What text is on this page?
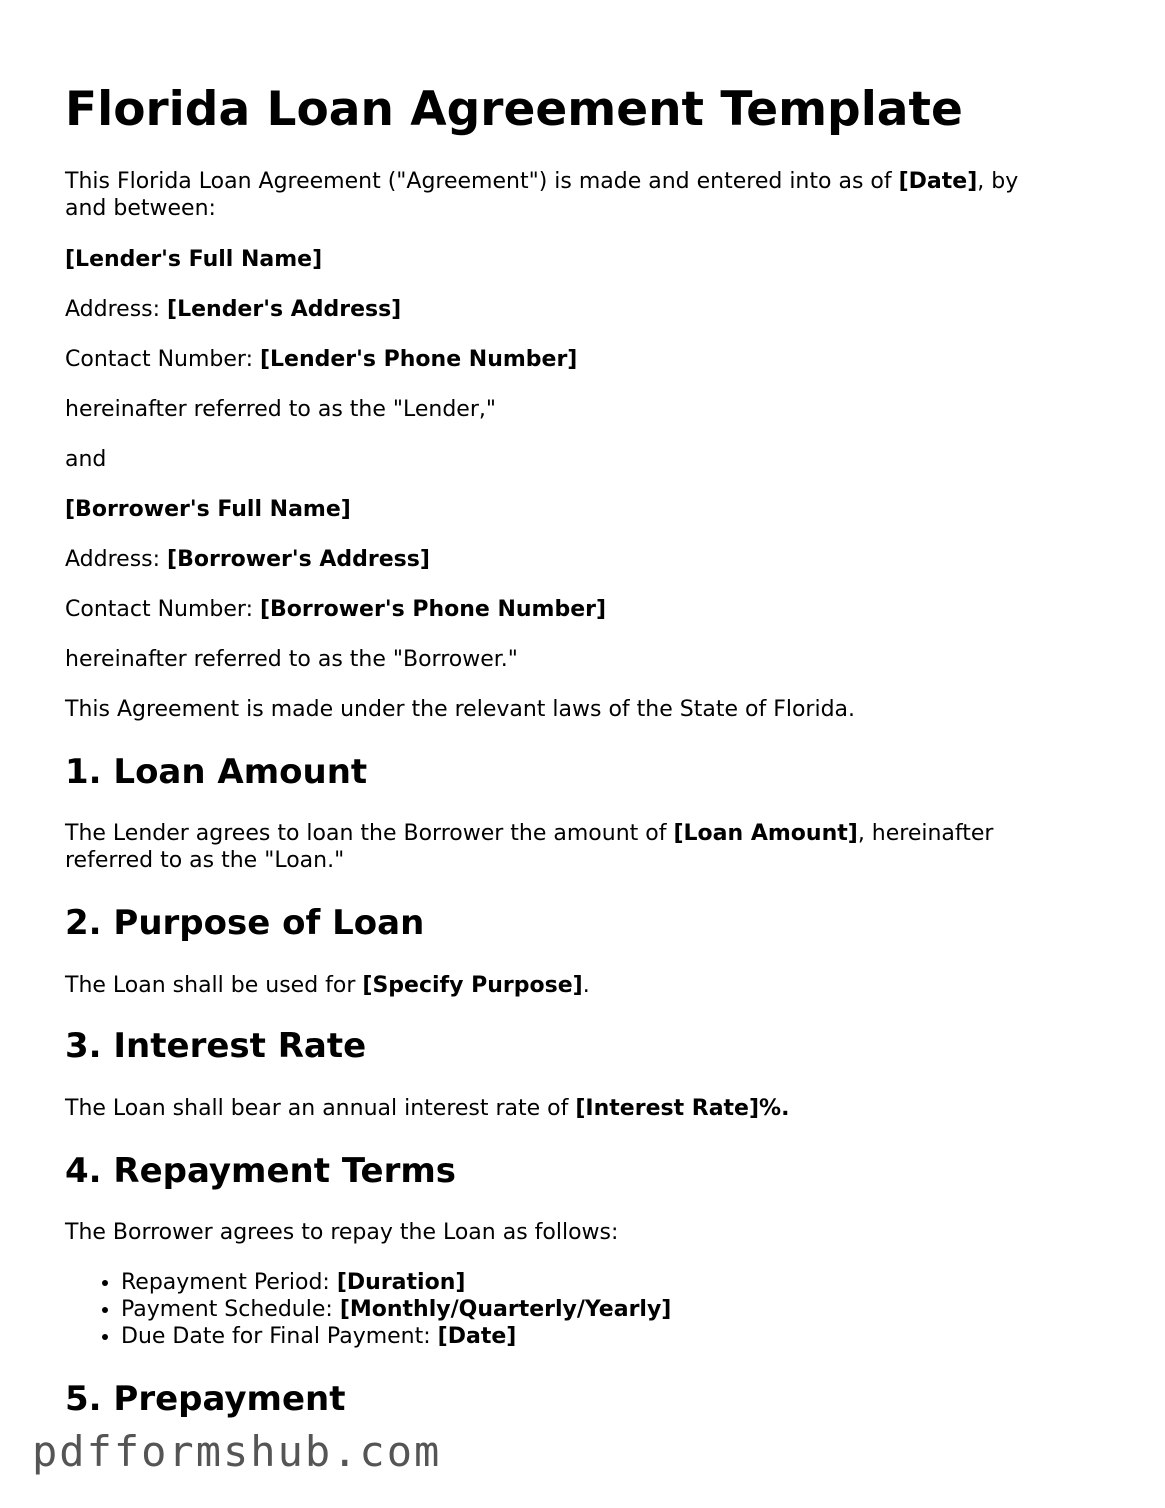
Florida Loan Agreement Template

This Florida Loan Agreement ("Agreement") is made and entered into as of [Date], by and between:

[Lender's Full Name]

Address: [Lender's Address]

Contact Number: [Lender's Phone Number]

hereinafter referred to as the "Lender,"

and

[Borrower's Full Name]

Address: [Borrower's Address]

Contact Number: [Borrower's Phone Number]

hereinafter referred to as the "Borrower."

This Agreement is made under the relevant laws of the State of Florida.

1. Loan Amount

The Lender agrees to loan the Borrower the amount of [Loan Amount], hereinafter referred to as the "Loan."

2. Purpose of Loan

The Loan shall be used for [Specify Purpose].

3. Interest Rate

The Loan shall bear an annual interest rate of [Interest Rate]%.

4. Repayment Terms

The Borrower agrees to repay the Loan as follows:

• Repayment Period: [Duration]
• Payment Schedule: [Monthly/Quarterly/Yearly]
• Due Date for Final Payment: [Date]
5. Prepayment
pdfformshub.com
